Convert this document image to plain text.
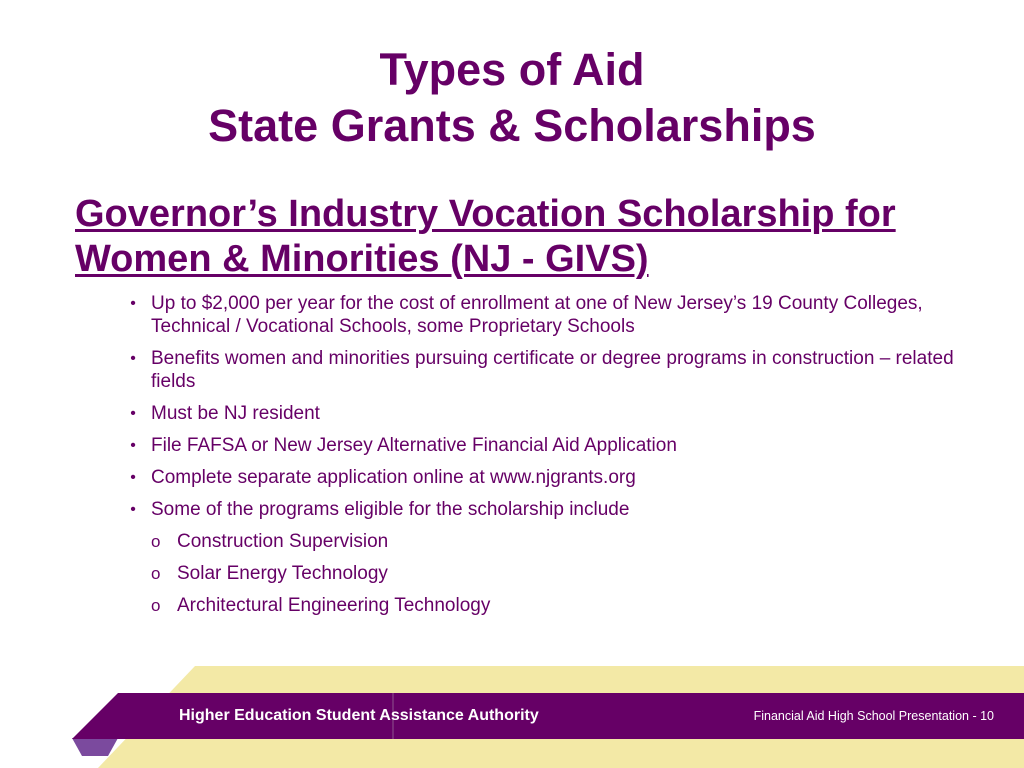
Types of Aid
State Grants & Scholarships
Governor’s Industry Vocation Scholarship for Women & Minorities (NJ - GIVS)
• Up to $2,000 per year for the cost of enrollment at one of New Jersey’s 19 County Colleges, Technical / Vocational Schools, some Proprietary Schools
• Benefits women and minorities pursuing certificate or degree programs in construction – related fields
• Must be NJ resident
• File FAFSA or New Jersey Alternative Financial Aid Application
• Complete separate application online at www.njgrants.org
• Some of the programs eligible for the scholarship include
o Construction Supervision
o Solar Energy Technology
o Architectural Engineering Technology
Higher Education Student Assistance Authority	Financial Aid High School Presentation - 10
